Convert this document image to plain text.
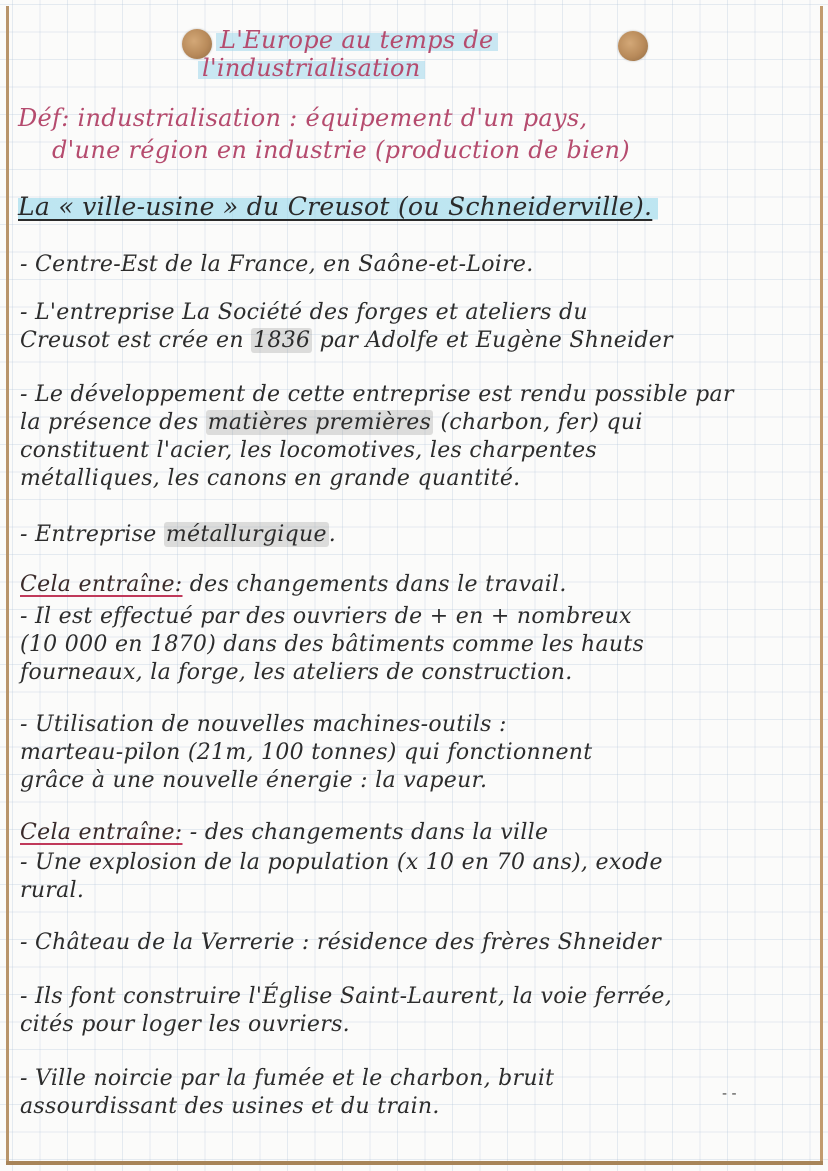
L'Europe au temps de
l'industrialisation
Déf: industrialisation : équipement d'un pays,
d'une région en industrie (production de bien)
La « ville-usine » du Creusot (ou Schneiderville).
- Centre-Est de la France, en Saône-et-Loire.
- L'entreprise La Société des forges et ateliers du
Creusot est crée en 1836 par Adolfe et Eugène Shneider
- Le développement de cette entreprise est rendu possible par
la présence des matières premières (charbon, fer) qui
constituent l'acier, les locomotives, les charpentes
métalliques, les canons en grande quantité.
- Entreprise métallurgique.
Cela entraîne: des changements dans le travail.
- Il est effectué par des ouvriers de + en + nombreux
(10 000 en 1870) dans des bâtiments comme les hauts
fourneaux, la forge, les ateliers de construction.
- Utilisation de nouvelles machines-outils :
marteau-pilon (21m, 100 tonnes) qui fonctionnent
grâce à une nouvelle énergie : la vapeur.
Cela entraîne: - des changements dans la ville
- Une explosion de la population (x 10 en 70 ans), exode
rural.
- Château de la Verrerie : résidence des frères Shneider
- Ils font construire l'Église Saint-Laurent, la voie ferrée,
cités pour loger les ouvriers.
- Ville noircie par la fumée et le charbon, bruit
assourdissant des usines et du train.	- -
